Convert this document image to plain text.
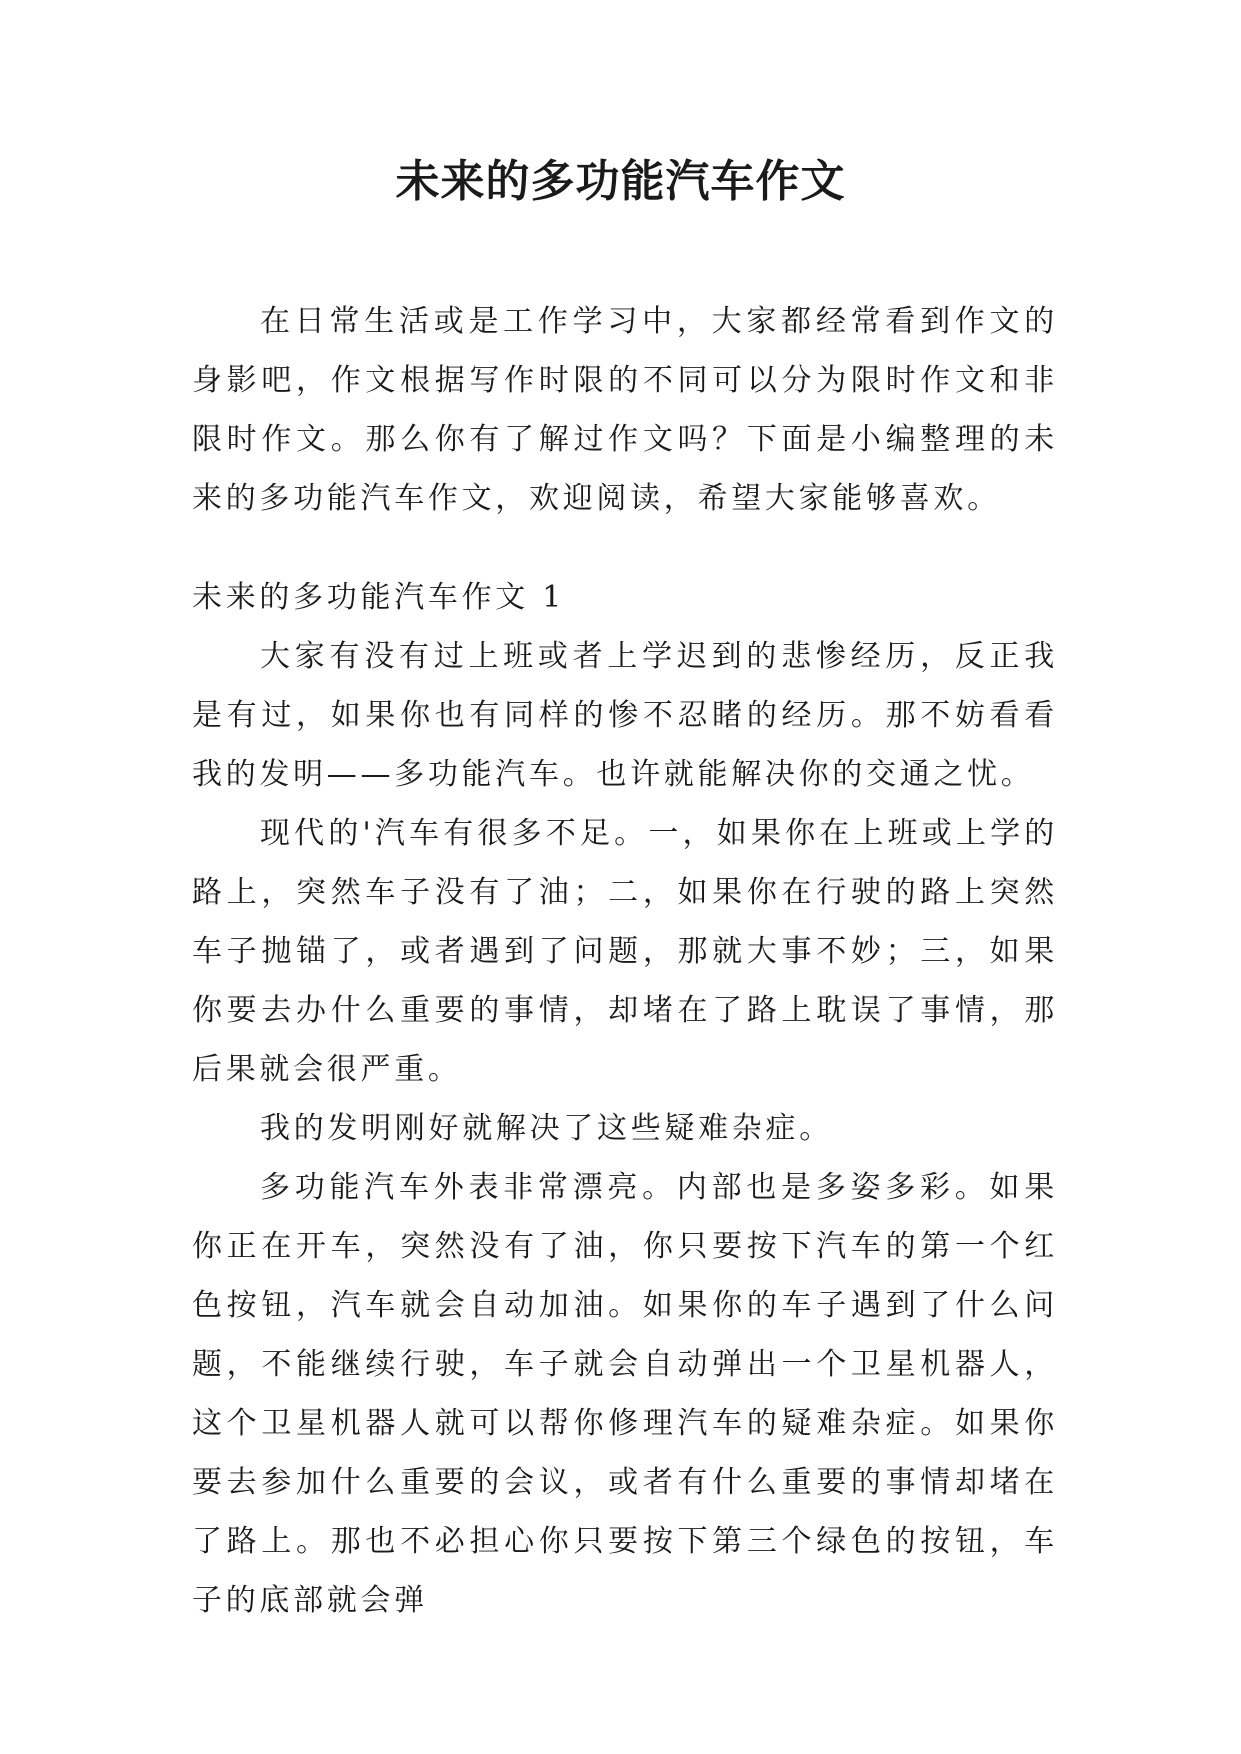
未来的多功能汽车作文

在日常生活或是工作学习中，大家都经常看到作文的身影吧，作文根据写作时限的不同可以分为限时作文和非限时作文。那么你有了解过作文吗？下面是小编整理的未来的多功能汽车作文，欢迎阅读，希望大家能够喜欢。

未来的多功能汽车作文 1

大家有没有过上班或者上学迟到的悲惨经历，反正我是有过，如果你也有同样的惨不忍睹的经历。那不妨看看我的发明——多功能汽车。也许就能解决你的交通之忧。

现代的'汽车有很多不足。一，如果你在上班或上学的路上，突然车子没有了油；二，如果你在行驶的路上突然车子抛锚了，或者遇到了问题，那就大事不妙；三，如果你要去办什么重要的事情，却堵在了路上耽误了事情，那后果就会很严重。

我的发明刚好就解决了这些疑难杂症。

多功能汽车外表非常漂亮。内部也是多姿多彩。如果你正在开车，突然没有了油，你只要按下汽车的第一个红色按钮，汽车就会自动加油。如果你的车子遇到了什么问题，不能继续行驶，车子就会自动弹出一个卫星机器人，这个卫星机器人就可以帮你修理汽车的疑难杂症。如果你要去参加什么重要的会议，或者有什么重要的事情却堵在了路上。那也不必担心你只要按下第三个绿色的按钮，车子的底部就会弹
